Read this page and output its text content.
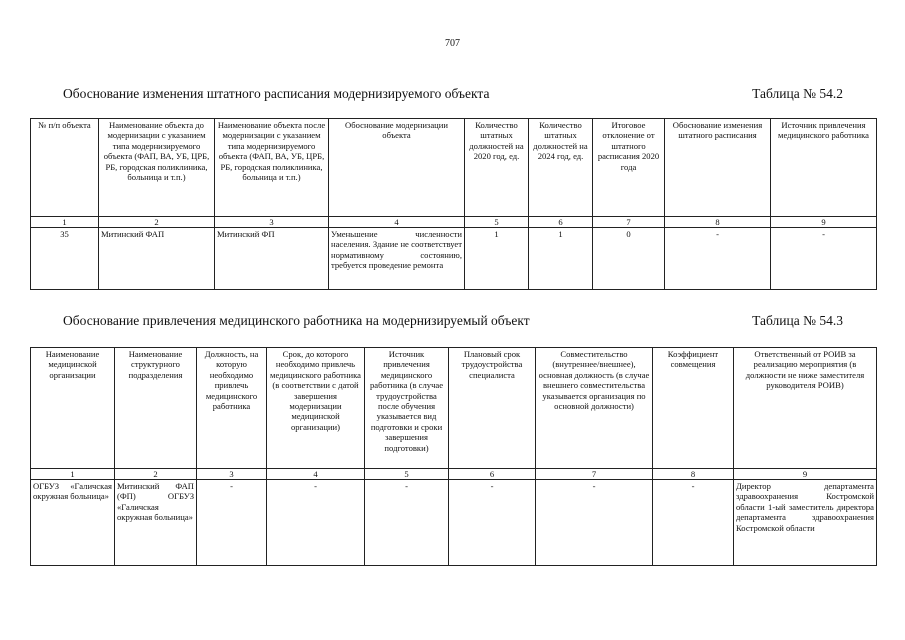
707
Обоснование изменения штатного расписания модернизируемого объекта	Таблица № 54.2
№ п/п объекта	Наименование объекта до модернизации с указанием типа модернизируемого объекта (ФАП, ВА, УБ, ЦРБ, РБ, городская поликлиника, больница и т.п.)	Наименование объекта после модернизации с указанием типа модернизируемого объекта (ФАП, ВА, УБ, ЦРБ, РБ, городская поликлиника, больница и т.п.)	Обоснование модернизации объекта	Количество штатных должностей на 2020 год, ед.	Количество штатных должностей на 2024 год, ед.	Итоговое отклонение от штатного расписания 2020 года	Обоснование изменения штатного расписания	Источник привлечения медицинского работника
1	2	3	4	5	6	7	8	9
35	Митинский ФАП	Митинский ФП	Уменьшение численности населения. Здание не соответствует нормативному состоянию, требуется проведение ремонта	1	1	0	-	-
Обоснование привлечения медицинского работника на модернизируемый объект	Таблица № 54.3
Наименование медицинской организации	Наименование структурного подразделения	Должность, на которую необходимо привлечь медицинского работника	Срок, до которого необходимо привлечь медицинского работника (в соответствии с датой завершения модернизации медицинской организации)	Источник привлечения медицинского работника (в случае трудоустройства после обучения указывается вид подготовки и сроки завершения подготовки)	Плановый срок трудоустройства специалиста	Совместительство (внутреннее/внешнее), основная должность (в случае внешнего совместительства указывается организация по основной должности)	Коэффициент совмещения	Ответственный от РОИВ за реализацию мероприятия (в должности не ниже заместителя руководителя РОИВ)
1	2	3	4	5	6	7	8	9
ОГБУЗ «Галичская окружная больница»	Митинский ФАП (ФП) ОГБУЗ «Галичская окружная больница»	-	-	-	-	-	-	Директор департамента здравоохранения Костромской области 1-ый заместитель директора департамента здравоохранения Костромской области
